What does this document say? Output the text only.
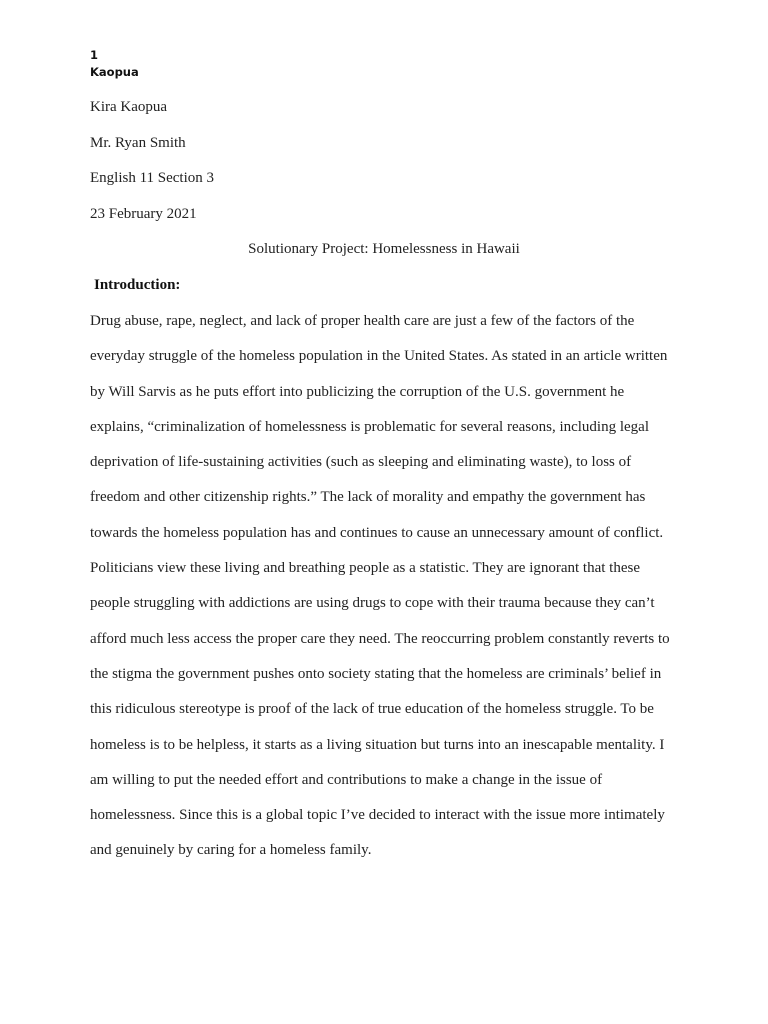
1
Kaopua
Kira Kaopua
Mr. Ryan Smith
English 11 Section 3
23 February 2021
Solutionary Project: Homelessness in Hawaii
Introduction:
Drug abuse, rape, neglect, and lack of proper health care are just a few of the factors of the
everyday struggle of the homeless population in the United States. As stated in an article written
by Will Sarvis as he puts effort into publicizing the corruption of the U.S. government he
explains, “criminalization of homelessness is problematic for several reasons, including legal
deprivation of life-sustaining activities (such as sleeping and eliminating waste), to loss of
freedom and other citizenship rights.” The lack of morality and empathy the government has
towards the homeless population has and continues to cause an unnecessary amount of conflict.
Politicians view these living and breathing people as a statistic. They are ignorant that these
people struggling with addictions are using drugs to cope with their trauma because they can’t
afford much less access the proper care they need. The reoccurring problem constantly reverts to
the stigma the government pushes onto society stating that the homeless are criminals’ belief in
this ridiculous stereotype is proof of the lack of true education of the homeless struggle. To be
homeless is to be helpless, it starts as a living situation but turns into an inescapable mentality. I
am willing to put the needed effort and contributions to make a change in the issue of
homelessness. Since this is a global topic I’ve decided to interact with the issue more intimately
and genuinely by caring for a homeless family.
